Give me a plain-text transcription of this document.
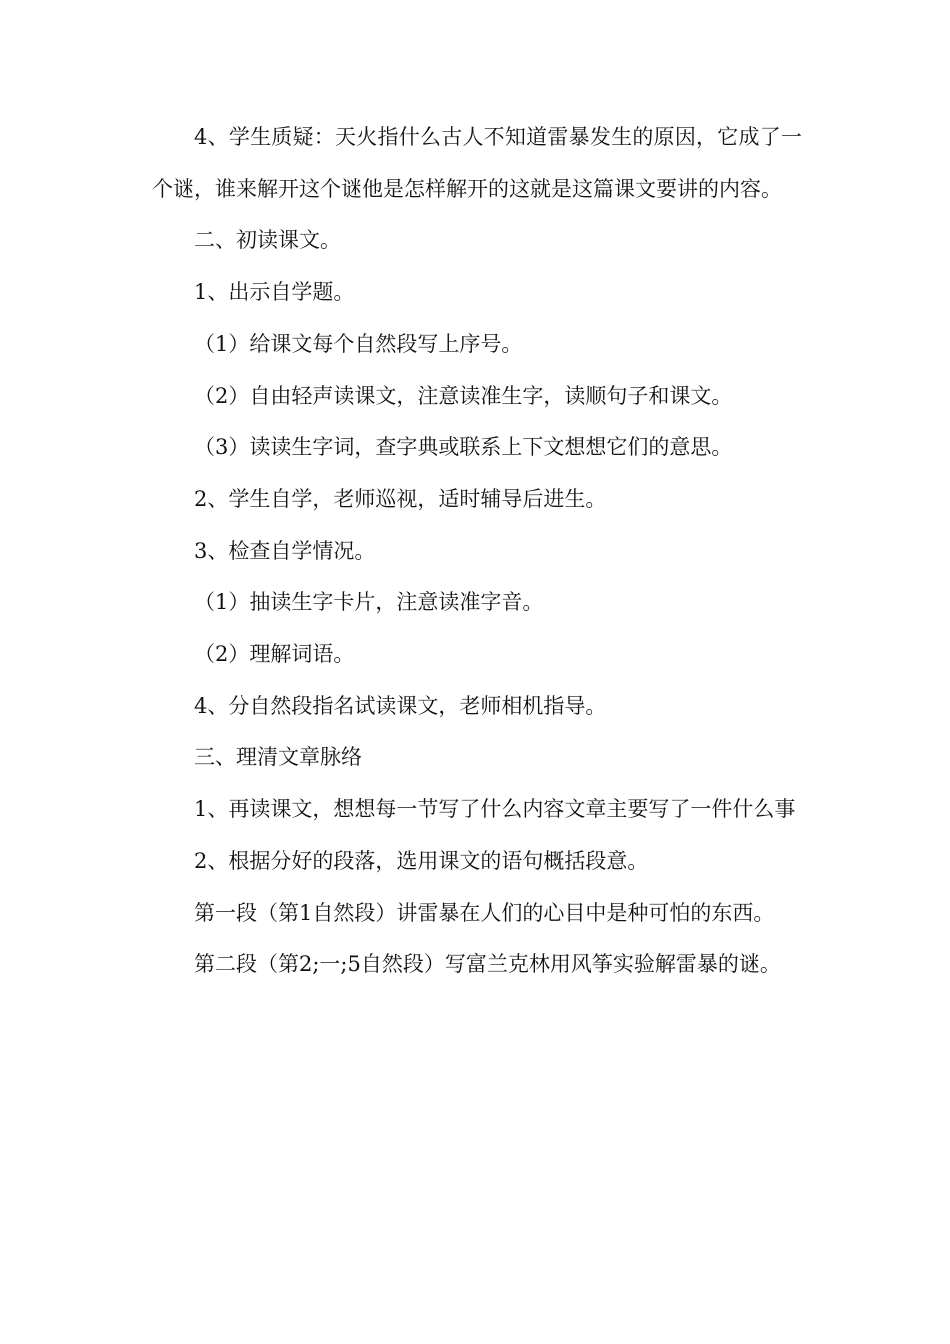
4、学生质疑：天火指什么古人不知道雷暴发生的原因，它成了一个谜，谁来解开这个谜他是怎样解开的这就是这篇课文要讲的内容。

二、初读课文。

1、出示自学题。

（1）给课文每个自然段写上序号。

（2）自由轻声读课文，注意读准生字，读顺句子和课文。

（3）读读生字词，查字典或联系上下文想想它们的意思。

2、学生自学，老师巡视，适时辅导后进生。

3、检查自学情况。

（1）抽读生字卡片，注意读准字音。

（2）理解词语。

4、分自然段指名试读课文，老师相机指导。

三、理清文章脉络

1、再读课文，想想每一节写了什么内容文章主要写了一件什么事

2、根据分好的段落，选用课文的语句概括段意。

第一段（第1自然段）讲雷暴在人们的心目中是种可怕的东西。

第二段（第2;一;5自然段）写富兰克林用风筝实验解雷暴的谜。
